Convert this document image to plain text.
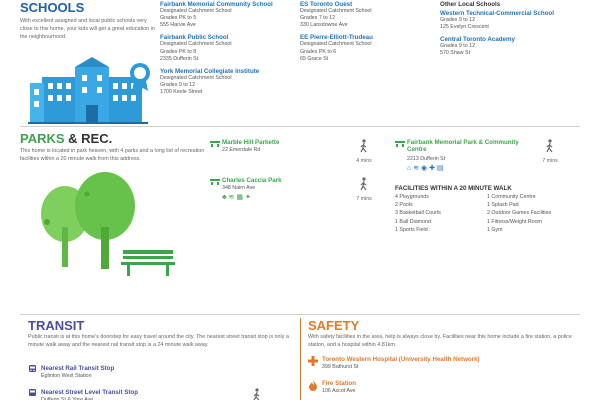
SCHOOLS
With excellent assigned and local public schools very close to this home, your kids will get a great education in the neighbourhood.
Fairbank Memorial Community School
Designated Catchment School
Grades PK to 5
555 Harvie Ave
Fairbank Public School
Designated Catchment School
Grades PK to 8
2335 Dufferin St
York Memorial Collegiate Institute
Designated Catchment School
Grades 9 to 12
1700 Keele Street
ES Toronto Ouest
Designated Catchment School
Grades 7 to 12
330 Lansdowne Ave
EE Pierre-Elliott-Trudeau
Designated Catchment School
Grades PK to 6
65 Grace St
Other Local Schools
Western Technical-Commercial School
Grades 9 to 12
125 Evelyn Crescent
Central Toronto Academy
Grades 9 to 12
570 Shaw St
PARKS & REC.
This home is located in park heaven, with 4 parks and a long list of recreation facilities within a 20 minute walk from this address.
Marble Hill Parkette
22 Emerdale Rd
4 mins
Charles Caccia Park
348 Nairn Ave
♣ ≋ ▦ ✦	7 mins
Fairbank Memorial Park & Community Centre
2213 Dufferin St
⌂ ≋ ◉ ✚ ▤
7 mins
FACILITIES WITHIN A 20 MINUTE WALK
4 Playgrounds
2 Pools
3 Basketball Courts
1 Ball Diamond
1 Sports Field
1 Community Centre
1 Splash Pad
2 Outdoor Games Facilities
1 Fitness/Weight Room
1 Gym
TRANSIT
Public transit is at this home's doorstep for easy travel around the city. The nearest street transit stop is only a minute walk away and the nearest rail transit stop is a 24 minute walk away.
Nearest Rail Transit Stop
Eglinton West Station
Nearest Street Level Transit Stop
Dufferin St & Yore Ave
SAFETY
With safety facilities in the area, help is always close by. Facilities near this home include a fire station, a police station, and a hospital within 4.81km.
Toronto Western Hospital (University Health Network)
399 Bathurst St
Fire Station
106 Ascot Ave
